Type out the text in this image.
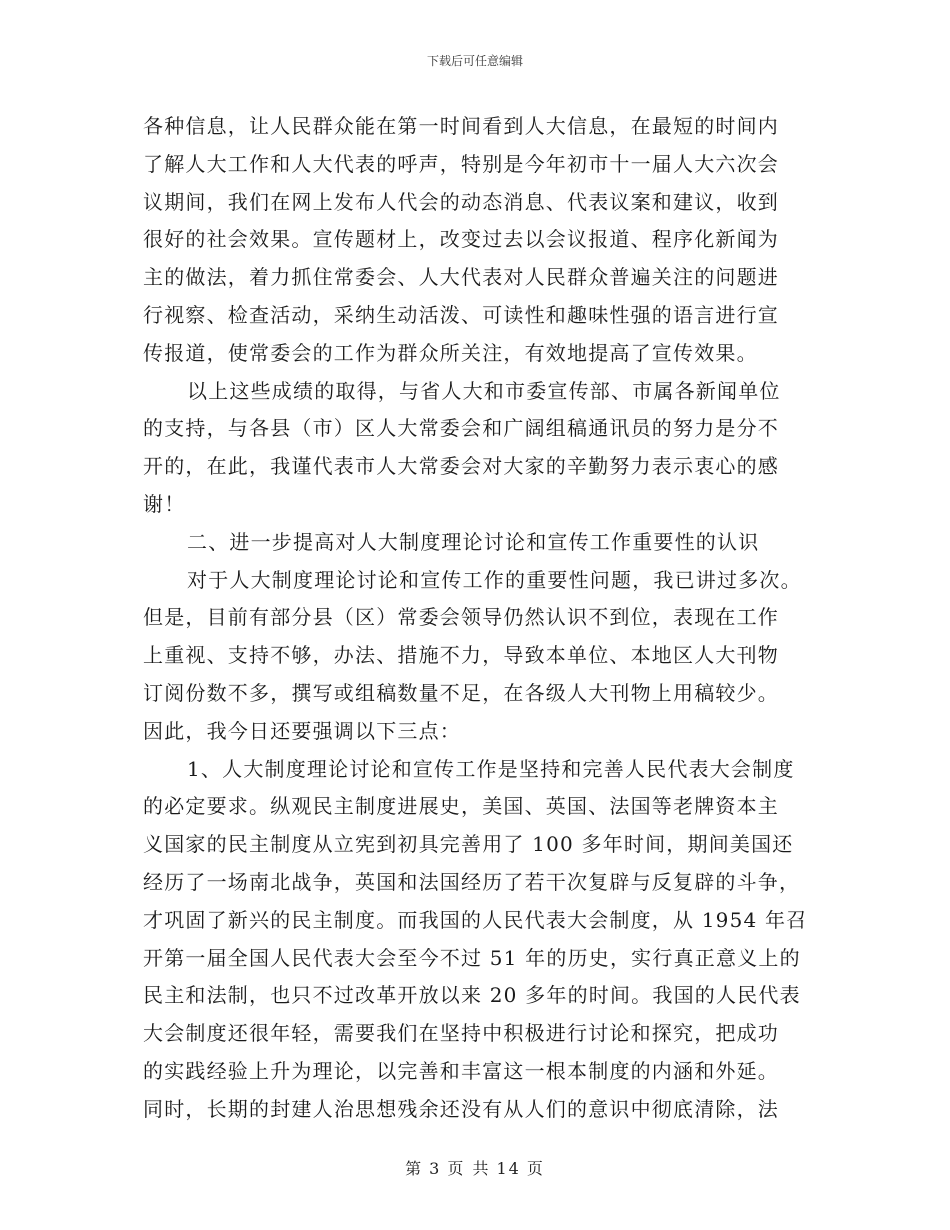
下载后可任意编辑

各种信息，让人民群众能在第一时间看到人大信息，在最短的时间内
了解人大工作和人大代表的呼声，特别是今年初市十一届人大六次会
议期间，我们在网上发布人代会的动态消息、代表议案和建议，收到
很好的社会效果。宣传题材上，改变过去以会议报道、程序化新闻为
主的做法，着力抓住常委会、人大代表对人民群众普遍关注的问题进
行视察、检查活动，采纳生动活泼、可读性和趣味性强的语言进行宣
传报道，使常委会的工作为群众所关注，有效地提高了宣传效果。

以上这些成绩的取得，与省人大和市委宣传部、市属各新闻单位
的支持，与各县（市）区人大常委会和广阔组稿通讯员的努力是分不
开的，在此，我谨代表市人大常委会对大家的辛勤努力表示衷心的感
谢！

二、进一步提高对人大制度理论讨论和宣传工作重要性的认识

对于人大制度理论讨论和宣传工作的重要性问题，我已讲过多次。
但是，目前有部分县（区）常委会领导仍然认识不到位，表现在工作
上重视、支持不够，办法、措施不力，导致本单位、本地区人大刊物
订阅份数不多，撰写或组稿数量不足，在各级人大刊物上用稿较少。
因此，我今日还要强调以下三点：

1、人大制度理论讨论和宣传工作是坚持和完善人民代表大会制度
的必定要求。纵观民主制度进展史，美国、英国、法国等老牌资本主
义国家的民主制度从立宪到初具完善用了 100 多年时间，期间美国还
经历了一场南北战争，英国和法国经历了若干次复辟与反复辟的斗争，
才巩固了新兴的民主制度。而我国的人民代表大会制度，从 1954 年召
开第一届全国人民代表大会至今不过 51 年的历史，实行真正意义上的
民主和法制，也只不过改革开放以来 20 多年的时间。我国的人民代表
大会制度还很年轻，需要我们在坚持中积极进行讨论和探究，把成功
的实践经验上升为理论，以完善和丰富这一根本制度的内涵和外延。
同时，长期的封建人治思想残余还没有从人们的意识中彻底清除，法

第 3 页 共 14 页
